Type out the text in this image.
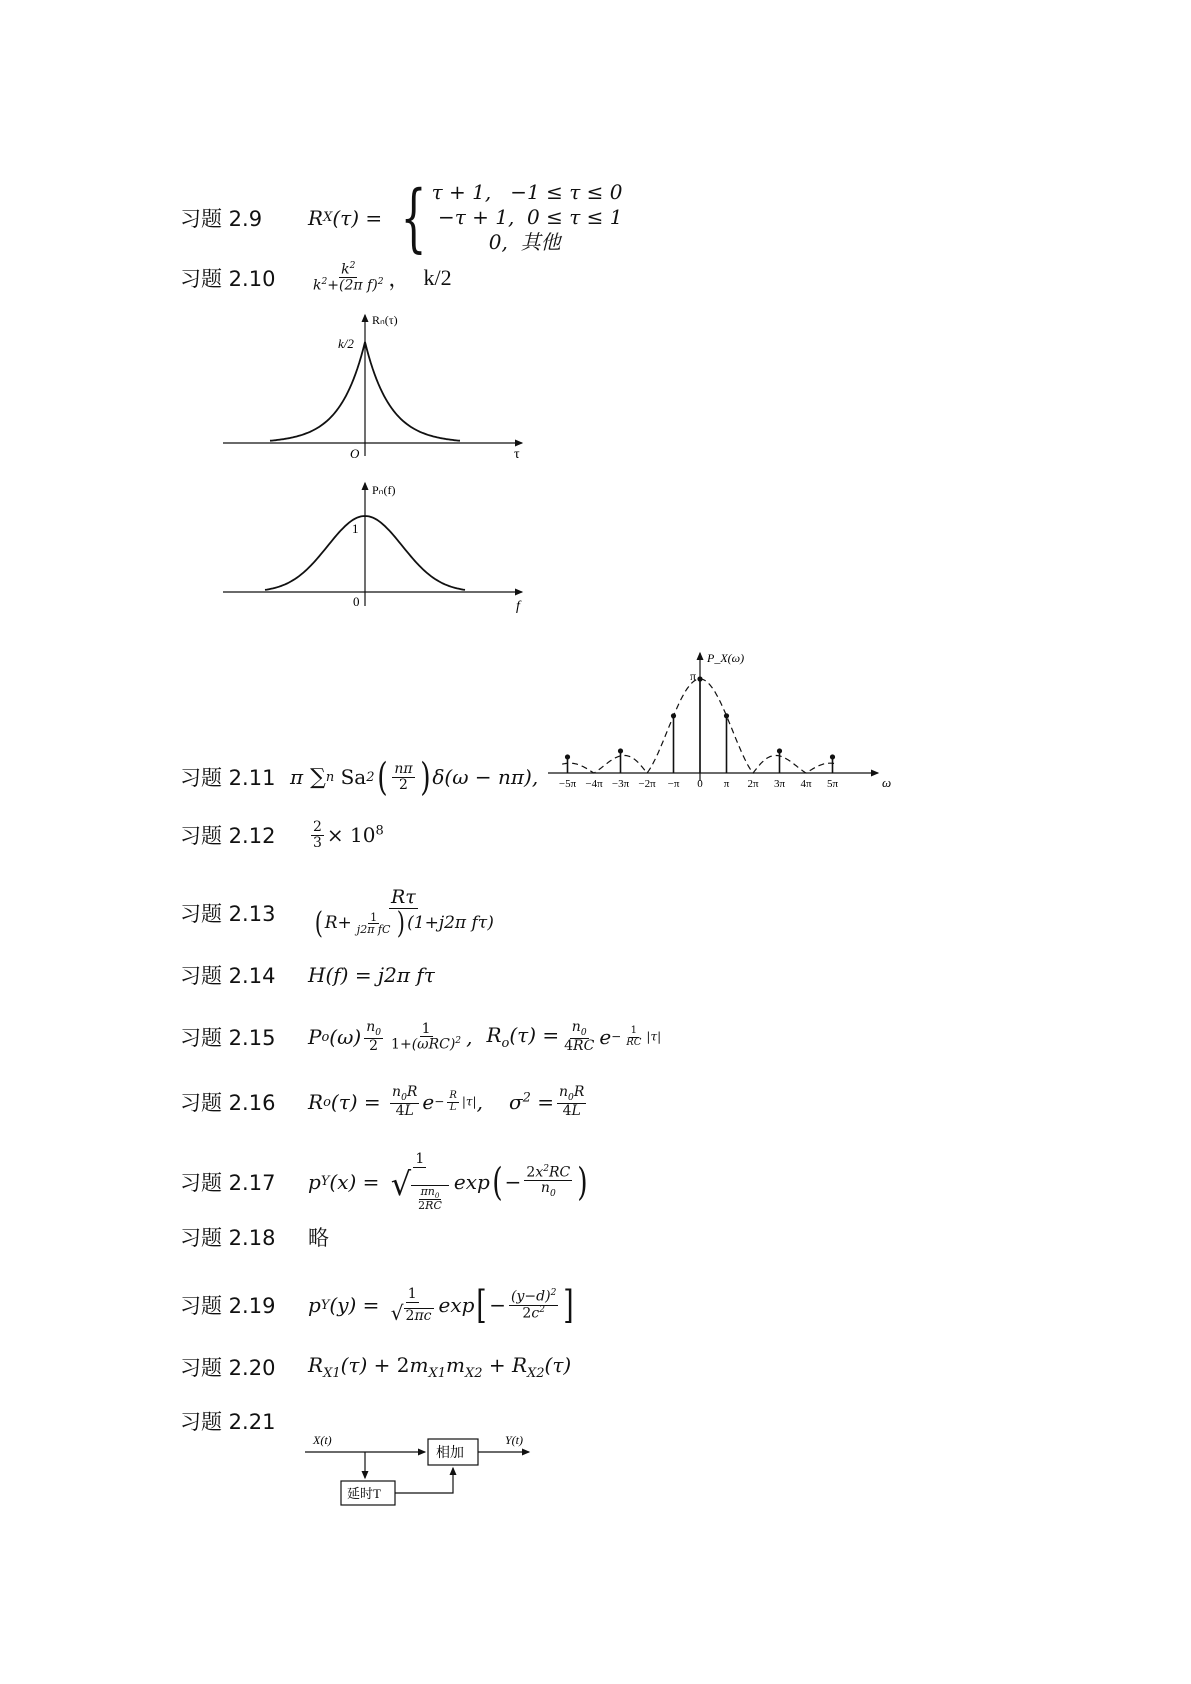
习题 2.9	R X (τ) = { τ + 1,   −1 ≤ τ ≤ 0
−τ + 1,  0 ≤ τ ≤ 1
0,  其他
习题 2.10	$\frac{k^2}{k^2+(2\pi f)^2}$ ， k/2
Rₙ(τ)
k/2
O	τ
Pₙ(f)
1
0	f
−5π −4π −3π −2π −π 0 π 2π 3π 4π 5π
P_X(ω)
π
ω
习题 2.11 π ∑ n
Sa 2 ( $\frac{n\pi}{2}$ ) δ(ω − nπ),
习题 2.12	$\frac{2}{3} \times 10^8$
习题 2.13	$\frac{R\tau}{( R + \frac{1}{\text{j2π fC}} ) (1 + j2\pi f\tau)}$
习题 2.14	H(f) = j2π fτ
习题 2.15	P o $(\omega) \frac{n_0}{2} \frac{1}{1+(\omega RC)^2}$ , $R_o(\tau) = \frac{n_0}{4RC}$ $e - \frac{1}{RC} |\tau|$
习题 2.16	R o $(\tau) = \frac{n_0R}{4L}$ $e - \frac{R}{L} |\tau|$ , $\sigma^2 = \frac{n_0R}{4L}$
习题 2.17	p Y $(x) = \frac{1}{√ \frac{\pi n_0}{2RC}}$ exp ( − $\frac{2x^2RC}{n_0}$ )
习题 2.18	略
习题 2.19	p Y $(y) = \frac{1}{√ 2 \pi c}$ exp [ − $\frac{(y-d)^2}{2c^2}$ ]
习题 2.20	$R_{X1}(\tau) + 2m_{X1}m_{X2} + R_{X2}(\tau)$
习题 2.21
X(t)	Y(t)
相加
延时T
